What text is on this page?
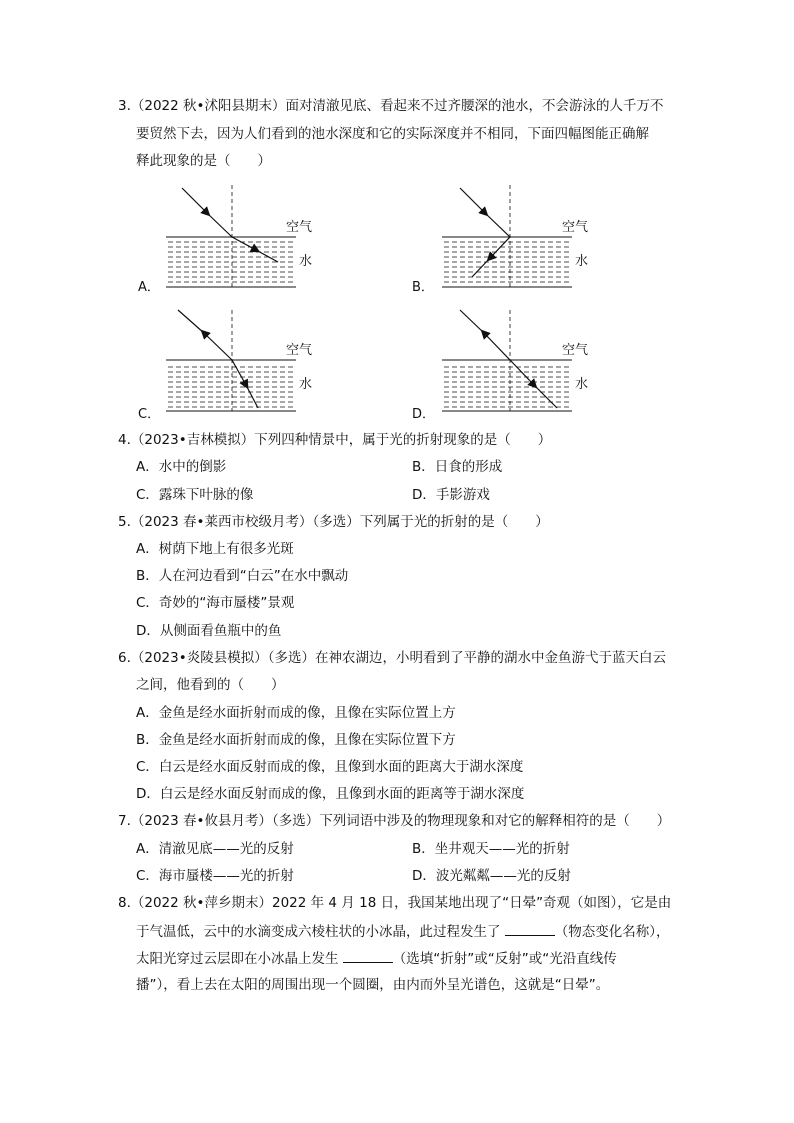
3.（2022 秋•沭阳县期末）面对清澈见底、看起来不过齐腰深的池水，不会游泳的人千万不
要贸然下去，因为人们看到的池水深度和它的实际深度并不相同，下面四幅图能正确解
释此现象的是（　　）
空气
水
A．
空气
水
B．
空气
水
C．
空气
水
D．
4.（2023•吉林模拟）下列四种情景中，属于光的折射现象的是（　　）
A．水中的倒影	B．日食的形成
C．露珠下叶脉的像	D．手影游戏
5.（2023 春•莱西市校级月考）（多选）下列属于光的折射的是（　　）
A．树荫下地上有很多光斑
B．人在河边看到“白云”在水中飘动
C．奇妙的“海市蜃楼”景观
D．从侧面看鱼瓶中的鱼
6.（2023•炎陵县模拟）（多选）在神农湖边，小明看到了平静的湖水中金鱼游弋于蓝天白云
之间，他看到的（　　）
A．金鱼是经水面折射而成的像，且像在实际位置上方
B．金鱼是经水面折射而成的像，且像在实际位置下方
C．白云是经水面反射而成的像，且像到水面的距离大于湖水深度
D．白云是经水面反射而成的像，且像到水面的距离等于湖水深度
7.（2023 春•攸县月考）（多选）下列词语中涉及的物理现象和对它的解释相符的是（　　）
A．清澈见底——光的反射	B．坐井观天——光的折射
C．海市蜃楼——光的折射	D．波光粼粼——光的反射
8.（2022 秋•萍乡期末）2022 年 4 月 18 日，我国某地出现了“日晕”奇观（如图），它是由
于气温低，云中的水滴变成六棱柱状的小冰晶，此过程发生了	（物态变化名称），
太阳光穿过云层即在小冰晶上发生	（选填“折射”或“反射”或“光沿直线传
播”），看上去在太阳的周围出现一个圆圈，由内而外呈光谱色，这就是“日晕”。
